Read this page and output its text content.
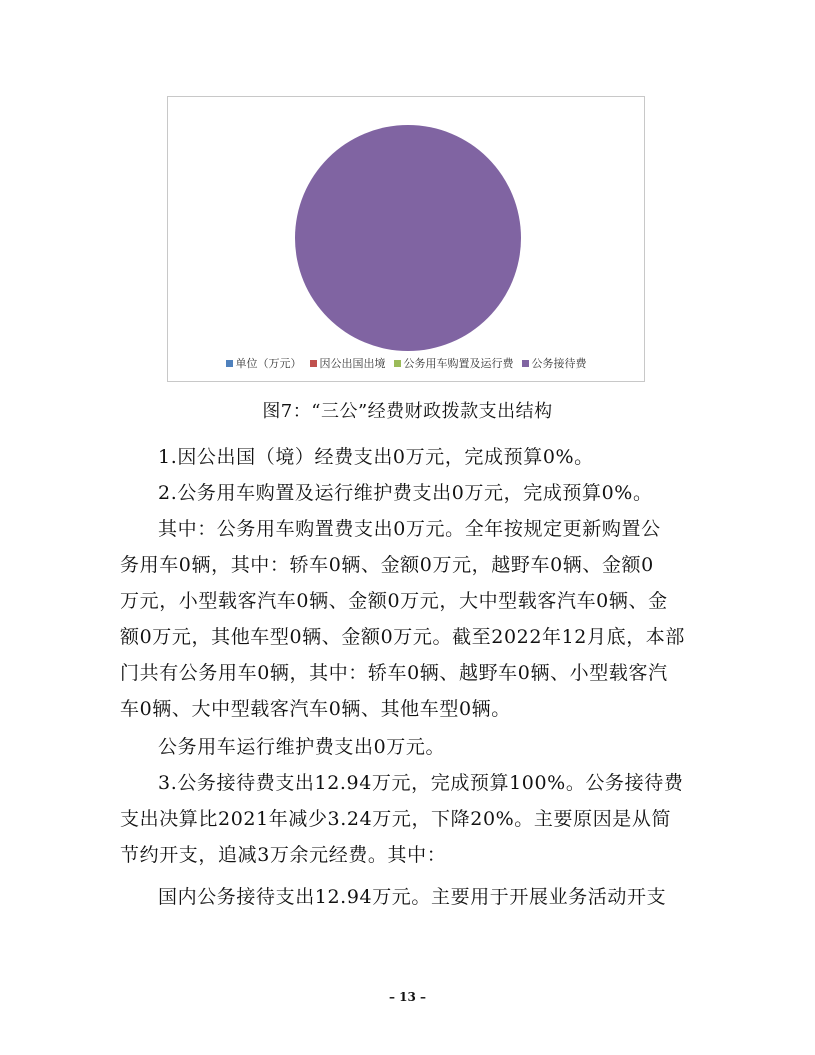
单位（万元） 因公出国出境 公务用车购置及运行费 公务接待费
图7：“三公”经费财政拨款支出结构

1.因公出国（境）经费支出0万元，完成预算0%。

2.公务用车购置及运行维护费支出0万元，完成预算0%。

其中：公务用车购置费支出0万元。全年按规定更新购置公

务用车0辆，其中：轿车0辆、金额0万元，越野车0辆、金额0

万元，小型载客汽车0辆、金额0万元，大中型载客汽车0辆、金

额0万元，其他车型0辆、金额0万元。截至2022年12月底，本部

门共有公务用车0辆，其中：轿车0辆、越野车0辆、小型载客汽

车0辆、大中型载客汽车0辆、其他车型0辆。

公务用车运行维护费支出0万元。

3.公务接待费支出12.94万元，完成预算100%。公务接待费

支出决算比2021年减少3.24万元，下降20%。主要原因是从简

节约开支，追减3万余元经费。其中：

国内公务接待支出12.94万元。主要用于开展业务活动开支

– 13 –
